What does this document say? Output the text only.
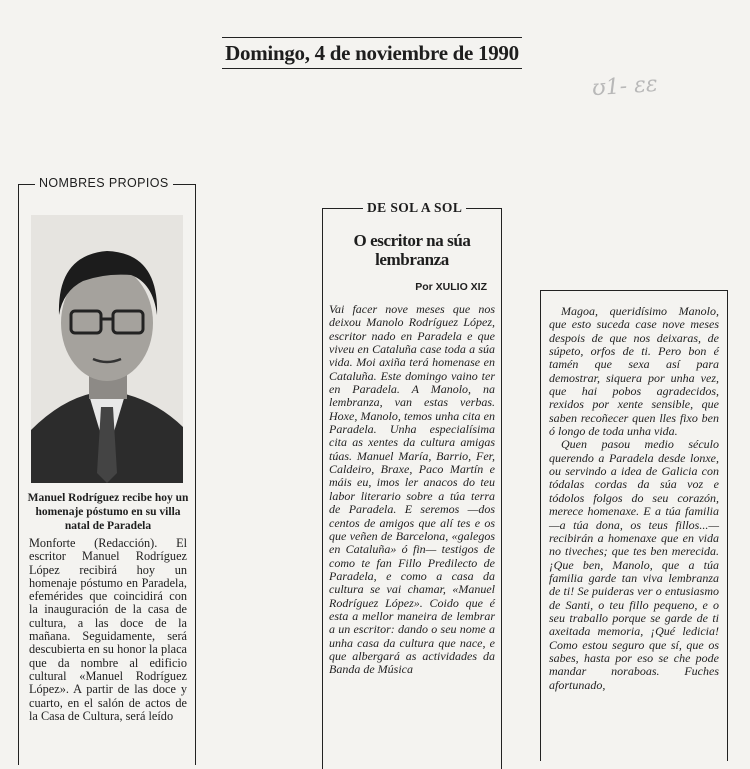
Domingo, 4 de noviembre de 1990
ʊ1- ɛɛ
NOMBRES PROPIOS
Manuel Rodríguez recibe hoy un homenaje póstumo en su villa natal de Paradela
Monforte (Redacción). El escritor Manuel Rodríguez López recibirá hoy un homenaje póstumo en Paradela, efemérides que coincidirá con la inauguración de la casa de cultura, a las doce de la mañana. Seguidamente, será descubierta en su honor la placa que da nombre al edificio cultural «Manuel Rodríguez López». A partir de las doce y cuarto, en el salón de actos de la Casa de Cultura, será leído
DE SOL A SOL
O escritor na súa lembranza
Por XULIO XIZ
Vai facer nove meses que nos deixou Manolo Rodríguez López, escritor nado en Paradela e que viveu en Cataluña case toda a súa vida. Moi axiña terá homenase en Cataluña. Este domingo vaino ter en Paradela. A Manolo, na lembranza, van estas verbas. Hoxe, Manolo, temos unha cita en Paradela. Unha especialísima cita as xentes da cultura amigas túas. Manuel María, Barrio, Fer, Caldeiro, Braxe, Paco Martín e máis eu, imos ler anacos do teu labor literario sobre a túa terra de Paradela. E seremos —dos centos de amigos que alí tes e os que veñen de Barcelona, «galegos en Cataluña» ó fin— testigos de como te fan Fillo Predilecto de Paradela, e como a casa da cultura se vai chamar, «Manuel Rodríguez López». Coido que é esta a mellor maneira de lembrar a un escritor: dando o seu nome a unha casa da cultura que nace, e que albergará as actividades da Banda de Música

Magoa, queridísimo Manolo, que esto suceda case nove meses despois de que nos deixaras, de súpeto, orfos de ti. Pero bon é tamén que sexa así para demostrar, siquera por unha vez, que hai pobos agradecidos, rexidos por xente sensible, que saben recoñecer quen lles fixo ben ó longo de toda unha vida.

Quen pasou medio século querendo a Paradela desde lonxe, ou servindo a idea de Galicia con tódalas cordas da súa voz e tódolos folgos do seu corazón, merece homenaxe. E a túa familia —a túa dona, os teus fillos...— recibirán a homenaxe que en vida no tiveches; que tes ben merecida. ¡Que ben, Manolo, que a túa familia garde tan viva lembranza de ti! Se puideras ver o entusiasmo de Santi, o teu fillo pequeno, e o seu traballo porque se garde de ti axeitada memoria, ¡Qué ledicia! Como estou seguro que sí, que os sabes, hasta por eso se che pode mandar noraboas. Fuches afortunado,
